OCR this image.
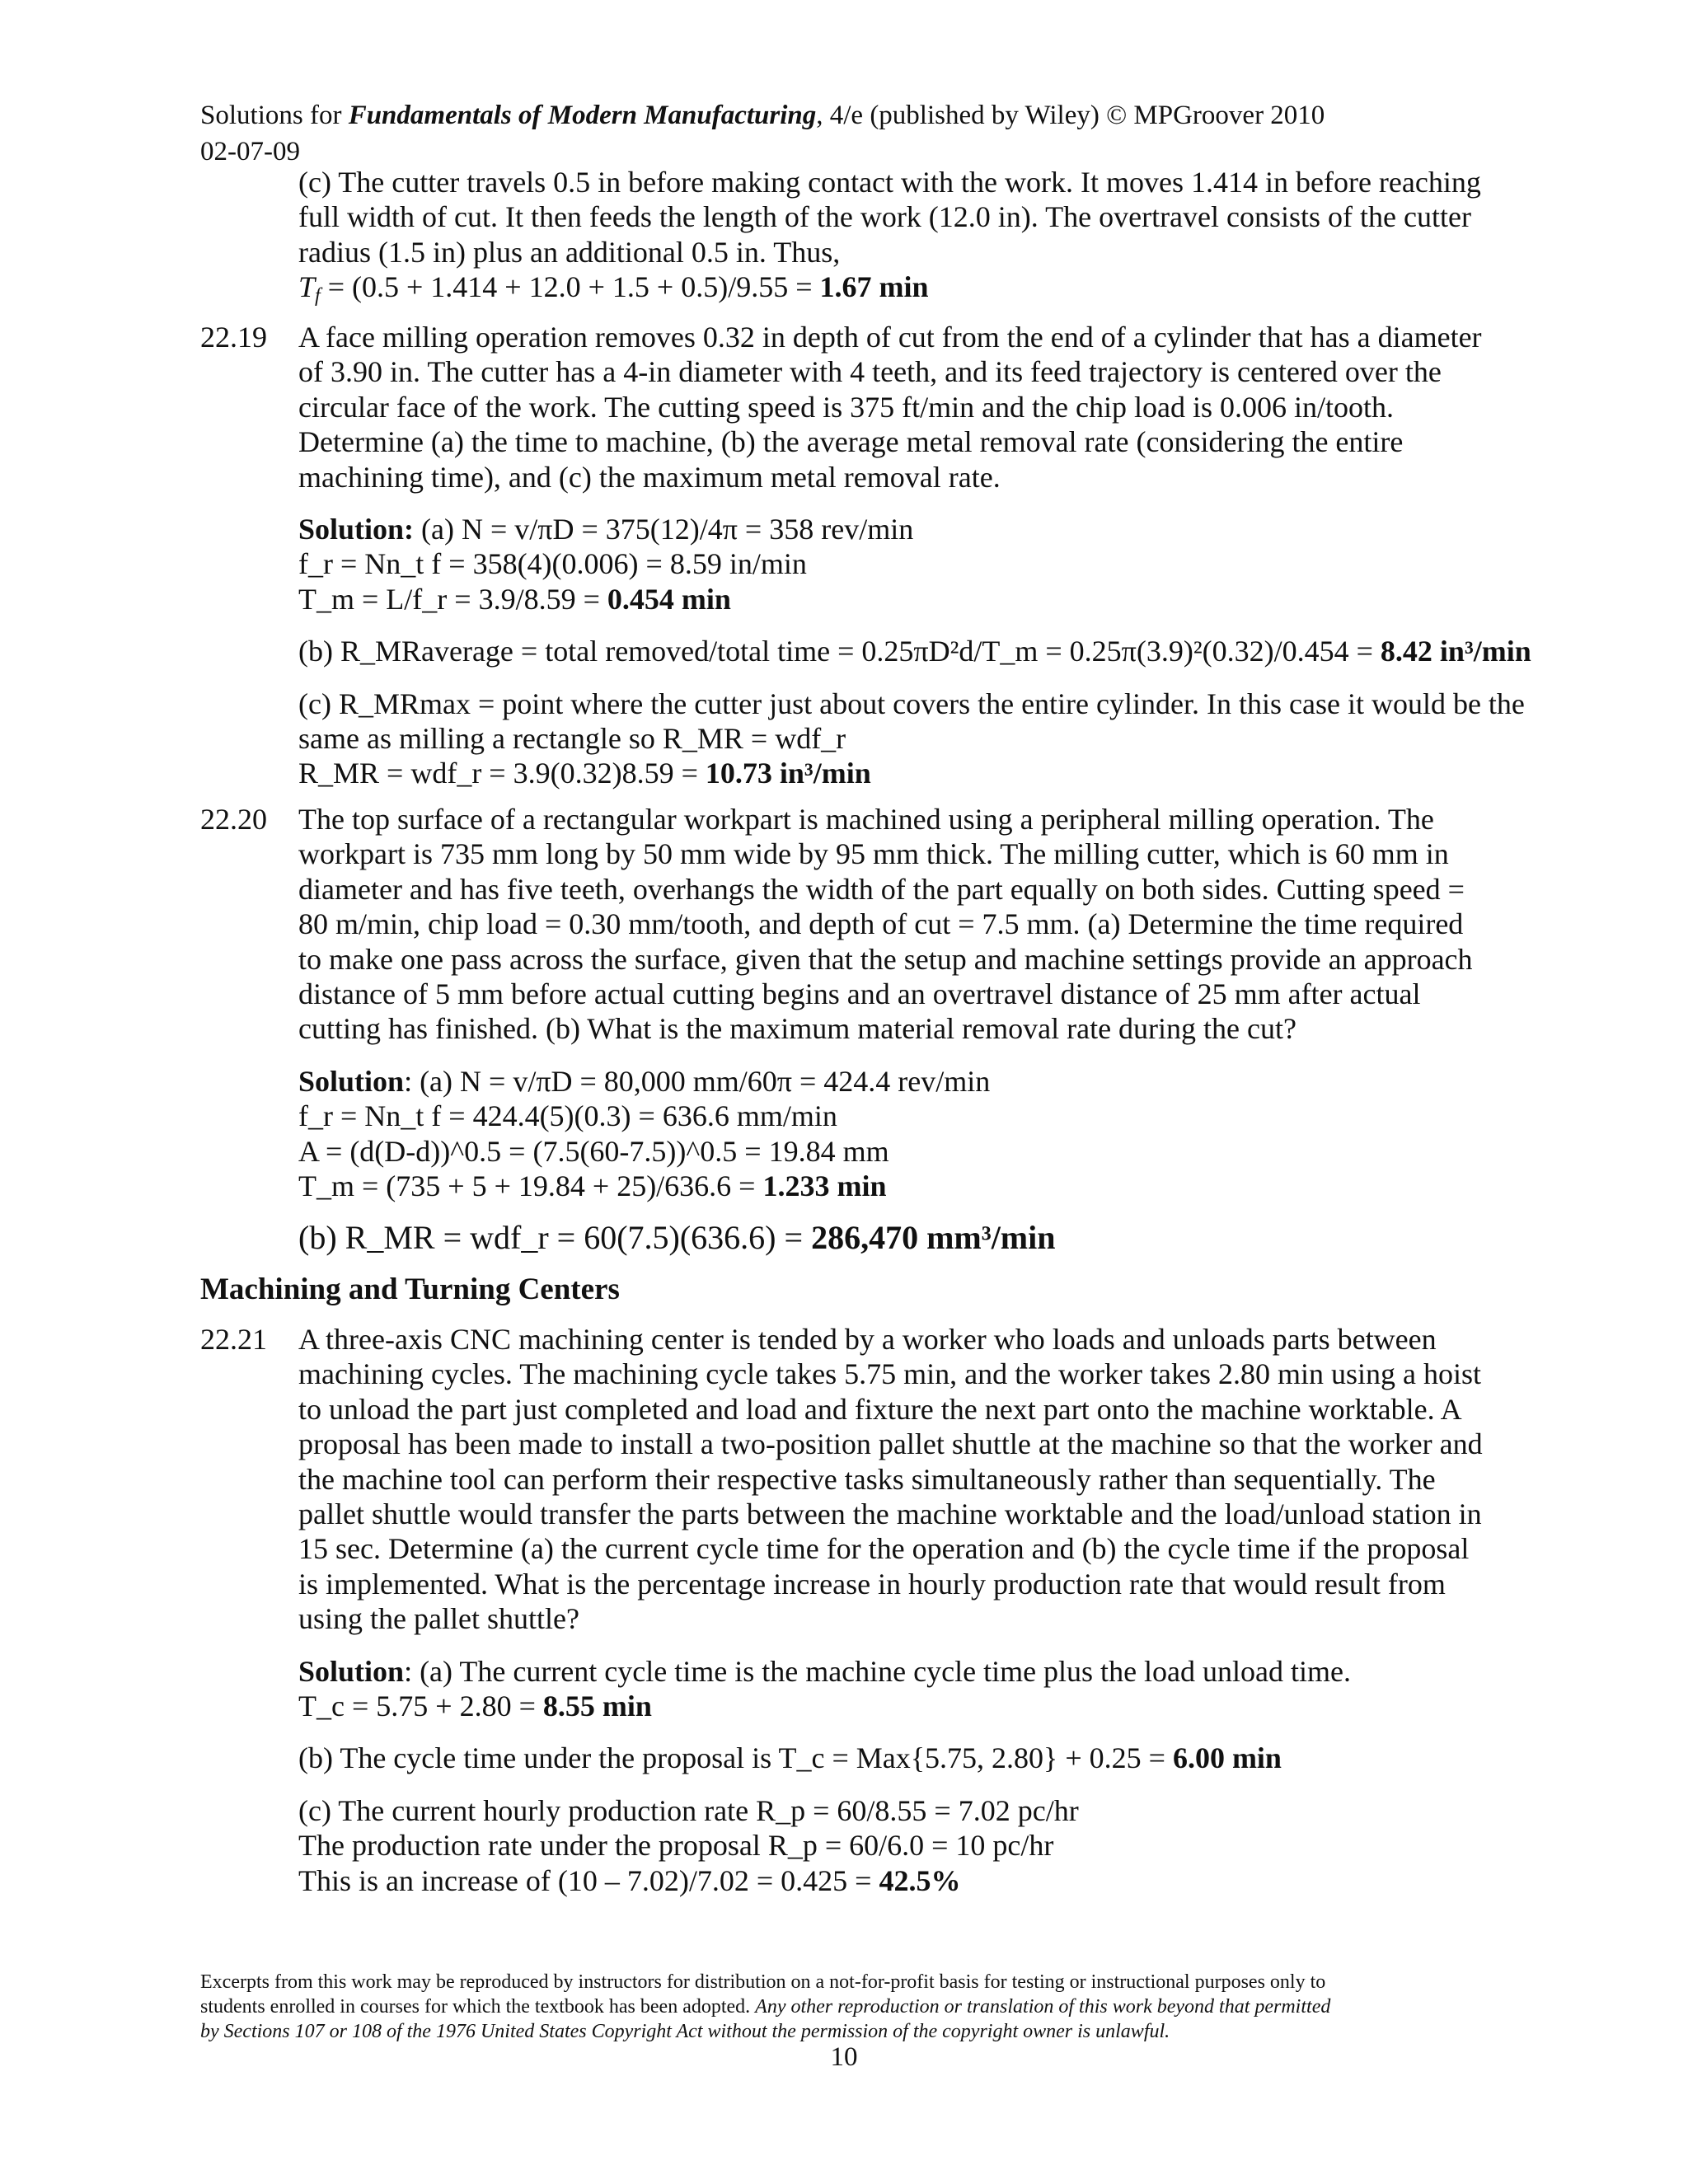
Solutions for Fundamentals of Modern Manufacturing, 4/e (published by Wiley) © MPGroover 2010
02-07-09
(c) The cutter travels 0.5 in before making contact with the work. It moves 1.414 in before reaching
full width of cut. It then feeds the length of the work (12.0 in). The overtravel consists of the cutter
radius (1.5 in) plus an additional 0.5 in. Thus,
$T_f = (0.5 + 1.414 + 12.0 + 1.5 + 0.5)/9.55 = 1.67$ min
22.19 A face milling operation removes 0.32 in depth of cut from the end of a cylinder that has a diameter
of 3.90 in. The cutter has a 4-in diameter with 4 teeth, and its feed trajectory is centered over the
circular face of the work. The cutting speed is 375 ft/min and the chip load is 0.006 in/tooth.
Determine (a) the time to machine, (b) the average metal removal rate (considering the entire
machining time), and (c) the maximum metal removal rate.
Solution: (a) N = v/πD = 375(12)/4π = 358 rev/min
f_r = Nn_t f = 358(4)(0.006) = 8.59 in/min
T_m = L/f_r = 3.9/8.59 = 0.454 min
(b) R_MRaverage = total removed/total time = 0.25πD²d/T_m = 0.25π(3.9)²(0.32)/0.454 = 8.42 in³/min
(c) R_MRmax = point where the cutter just about covers the entire cylinder. In this case it would be the
same as milling a rectangle so R_MR = wdf_r
R_MR = wdf_r = 3.9(0.32)8.59 = 10.73 in³/min
22.20 The top surface of a rectangular workpart is machined using a peripheral milling operation. The
workpart is 735 mm long by 50 mm wide by 95 mm thick. The milling cutter, which is 60 mm in
diameter and has five teeth, overhangs the width of the part equally on both sides. Cutting speed =
80 m/min, chip load = 0.30 mm/tooth, and depth of cut = 7.5 mm. (a) Determine the time required
to make one pass across the surface, given that the setup and machine settings provide an approach
distance of 5 mm before actual cutting begins and an overtravel distance of 25 mm after actual
cutting has finished. (b) What is the maximum material removal rate during the cut?
Solution: (a) N = v/πD = 80,000 mm/60π = 424.4 rev/min
f_r = Nn_t f = 424.4(5)(0.3) = 636.6 mm/min
A = (d(D-d))^0.5 = (7.5(60-7.5))^0.5 = 19.84 mm
T_m = (735 + 5 + 19.84 + 25)/636.6 = 1.233 min
(b) R_MR = wdf_r = 60(7.5)(636.6) = 286,470 mm³/min
Machining and Turning Centers
22.21 A three-axis CNC machining center is tended by a worker who loads and unloads parts between
machining cycles. The machining cycle takes 5.75 min, and the worker takes 2.80 min using a hoist
to unload the part just completed and load and fixture the next part onto the machine worktable. A
proposal has been made to install a two-position pallet shuttle at the machine so that the worker and
the machine tool can perform their respective tasks simultaneously rather than sequentially. The
pallet shuttle would transfer the parts between the machine worktable and the load/unload station in
15 sec. Determine (a) the current cycle time for the operation and (b) the cycle time if the proposal
is implemented. What is the percentage increase in hourly production rate that would result from
using the pallet shuttle?
Solution: (a) The current cycle time is the machine cycle time plus the load unload time.
T_c = 5.75 + 2.80 = 8.55 min
(b) The cycle time under the proposal is T_c = Max{5.75, 2.80} + 0.25 = 6.00 min
(c) The current hourly production rate R_p = 60/8.55 = 7.02 pc/hr
The production rate under the proposal R_p = 60/6.0 = 10 pc/hr
This is an increase of (10 – 7.02)/7.02 = 0.425 = 42.5%
Excerpts from this work may be reproduced by instructors for distribution on a not-for-profit basis for testing or instructional purposes only to
students enrolled in courses for which the textbook has been adopted. Any other reproduction or translation of this work beyond that permitted
by Sections 107 or 108 of the 1976 United States Copyright Act without the permission of the copyright owner is unlawful.
10
